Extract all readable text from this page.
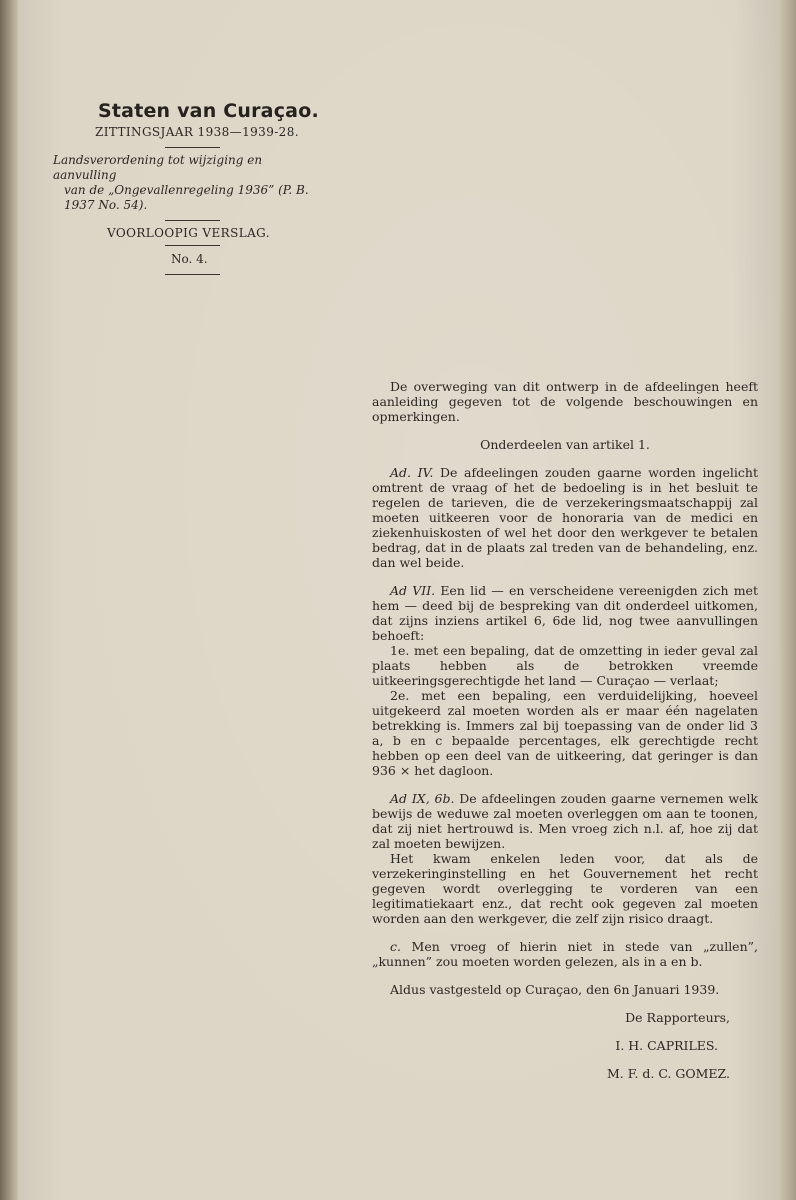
Staten van Curaçao.
ZITTINGSJAAR 1938—1939-28.
Landsverordening tot wijziging en aanvulling
van de „Ongevallenregeling 1936” (P. B.
1937 No. 54).
VOORLOOPIG VERSLAG.
No. 4.

De overweging van dit ontwerp in de afdeelingen heeft aanleiding gegeven tot de volgende beschouwingen en opmerkingen.

Onderdeelen van artikel 1.

Ad. IV. De afdeelingen zouden gaarne worden ingelicht omtrent de vraag of het de bedoeling is in het besluit te regelen de tarieven, die de verzekeringsmaatschappij zal moeten uitkeeren voor de honoraria van de medici en ziekenhuiskosten of wel het door den werkgever te betalen bedrag, dat in de plaats zal treden van de behandeling, enz. dan wel beide.

Ad VII. Een lid — en verscheidene vereenigden zich met hem — deed bij de bespreking van dit onderdeel uitkomen, dat zijns inziens artikel 6, 6de lid, nog twee aanvullingen behoeft:

1e. met een bepaling, dat de omzetting in ieder geval zal plaats hebben als de betrokken vreemde uitkeeringsgerechtigde het land — Curaçao — verlaat;

2e. met een bepaling, een verduidelijking, hoeveel uitgekeerd zal moeten worden als er maar één nagelaten betrekking is. Immers zal bij toepassing van de onder lid 3 a, b en c bepaalde percentages, elk gerechtigde recht hebben op een deel van de uitkeering, dat geringer is dan 936 × het dagloon.

Ad IX, 6b. De afdeelingen zouden gaarne vernemen welk bewijs de weduwe zal moeten overleggen om aan te toonen, dat zij niet hertrouwd is. Men vroeg zich n.l. af, hoe zij dat zal moeten bewijzen.

Het kwam enkelen leden voor, dat als de verzekeringinstelling en het Gouvernement het recht gegeven wordt overlegging te vorderen van een legitimatiekaart enz., dat recht ook gegeven zal moeten worden aan den werkgever, die zelf zijn risico draagt.

c. Men vroeg of hierin niet in stede van „zullen”, „kunnen” zou moeten worden gelezen, als in a en b.

Aldus vastgesteld op Curaçao, den 6n Januari 1939.

De Rapporteurs,

I. H. CAPRILES.

M. F. d. C. GOMEZ.
